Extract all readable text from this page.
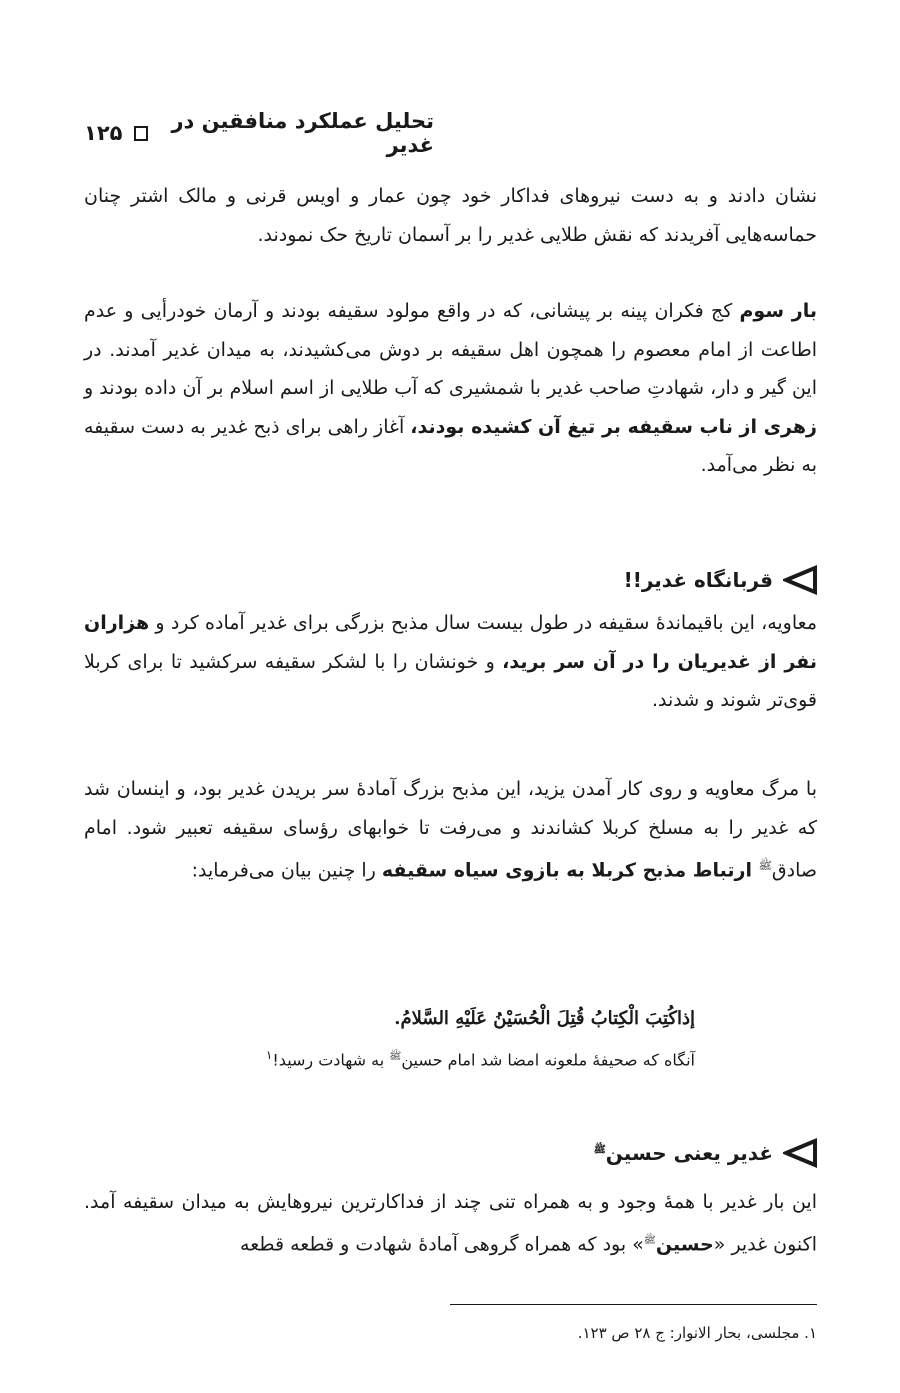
تحلیل عملکرد منافقین در غدیر
۱۲۵
نشان دادند و به دست نیروهای فداکار خود چون عمار و اویس قرنی و مالک اشتر چنان حماسه‌هایی آفریدند که نقش طلایی غدیر را بر آسمان تاریخ حک نمودند.
بار سوم کج فکران پینه بر پیشانی، که در واقع مولود سقیفه بودند و آرمان خودرأیی و عدم اطاعت از امام معصوم را همچون اهل سقیفه بر دوش می‌کشیدند، به میدان غدیر آمدند. در این گیر و دار، شهادتِ صاحب غدیر با شمشیری که آب طلایی از اسم اسلام بر آن داده بودند و زهری از ناب سقیفه بر تیغ آن کشیده بودند، آغاز راهی برای ذبح غدیر به دست سقیفه به نظر می‌آمد.
قربانگاه غدیر!!
معاویه، این باقیماندهٔ سقیفه در طول بیست سال مذبح بزرگی برای غدیر آماده کرد و هزاران نفر از غدیریان را در آن سر برید، و خونشان را با لشکر سقیفه سرکشید تا برای کربلا قوی‌تر شوند و شدند.
با مرگ معاویه و روی کار آمدن یزید، این مذبح بزرگ آمادهٔ سر بریدن غدیر بود، و اینسان شد که غدیر را به مسلخ کربلا کشاندند و می‌رفت تا خوابهای رؤسای سقیفه تعبیر شود. امام صادق$^ﷺ$ ارتباط مذبح کربلا به بازوی سیاه سقیفه را چنین بیان می‌فرماید:
إذاكُتِبَ الْكِتابُ قُتِلَ الْحُسَيْنُ عَلَيْهِ السَّلامُ.
آنگاه که صحیفهٔ ملعونه امضا شد امام حسین$^ﷺ$ به شهادت رسید!$^۱$
غدیر یعنی حسین$^ﷺ$
این بار غدیر با همهٔ وجود و به همراه تنی چند از فداکارترین نیروهایش به میدان سقیفه آمد. اکنون غدیر «حسین$^ﷺ$» بود که همراه گروهی آمادهٔ شهادت و قطعه قطعه
۱. مجلسی، بحار الانوار: ج ۲۸ ص ۱۲۳.
